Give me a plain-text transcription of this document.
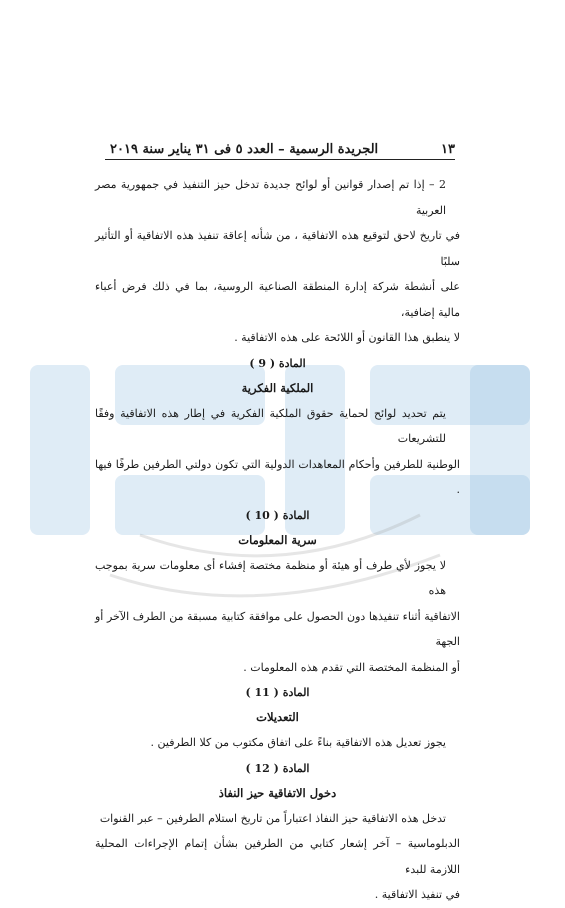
الجريدة الرسمية – العدد ٥ فى ٣١ يناير سنة ٢٠١٩	١٣

2 – إذا تم إصدار قوانين أو لوائح جديدة تدخل حيز التنفيذ في جمهورية مصر العربية

في تاريخ لاحق لتوقيع هذه الاتفاقية ، من شأنه إعاقة تنفيذ هذه الاتفاقية أو التأثير سلبًا

على أنشطة شركة إدارة المنطقة الصناعية الروسية، بما في ذلك فرض أعباء مالية إضافية،

لا ينطبق هذا القانون أو اللائحة على هذه الاتفاقية .

المادة ( 9 )

الملكية الفكرية

يتم تحديد لوائح لحماية حقوق الملكية الفكرية في إطار هذه الاتفاقية وفقًا للتشريعات

الوطنية للطرفين وأحكام المعاهدات الدولية التي تكون دولتي الطرفين طرفًا فيها .

المادة ( 10 )

سرية المعلومات

لا يجوز لأي طرف أو هيئة أو منظمة مختصة إفشاء أى معلومات سرية بموجب هذه

الاتفاقية أثناء تنفيذها دون الحصول على موافقة كتابية مسبقة من الطرف الآخر أو الجهة

أو المنظمة المختصة التي تقدم هذه المعلومات .

المادة ( 11 )

التعديلات

يجوز تعديل هذه الاتفاقية بناءً على اتفاق مكتوب من كلا الطرفين .

المادة ( 12 )

دخول الاتفاقية حيز النفاذ

تدخل هذه الاتفاقية حيز النفاذ اعتباراً من تاريخ استلام الطرفين – عبر القنوات

الدبلوماسية – آخر إشعار كتابي من الطرفين بشأن إتمام الإجراءات المحلية اللازمة للبدء

في تنفيذ الاتفاقية .
